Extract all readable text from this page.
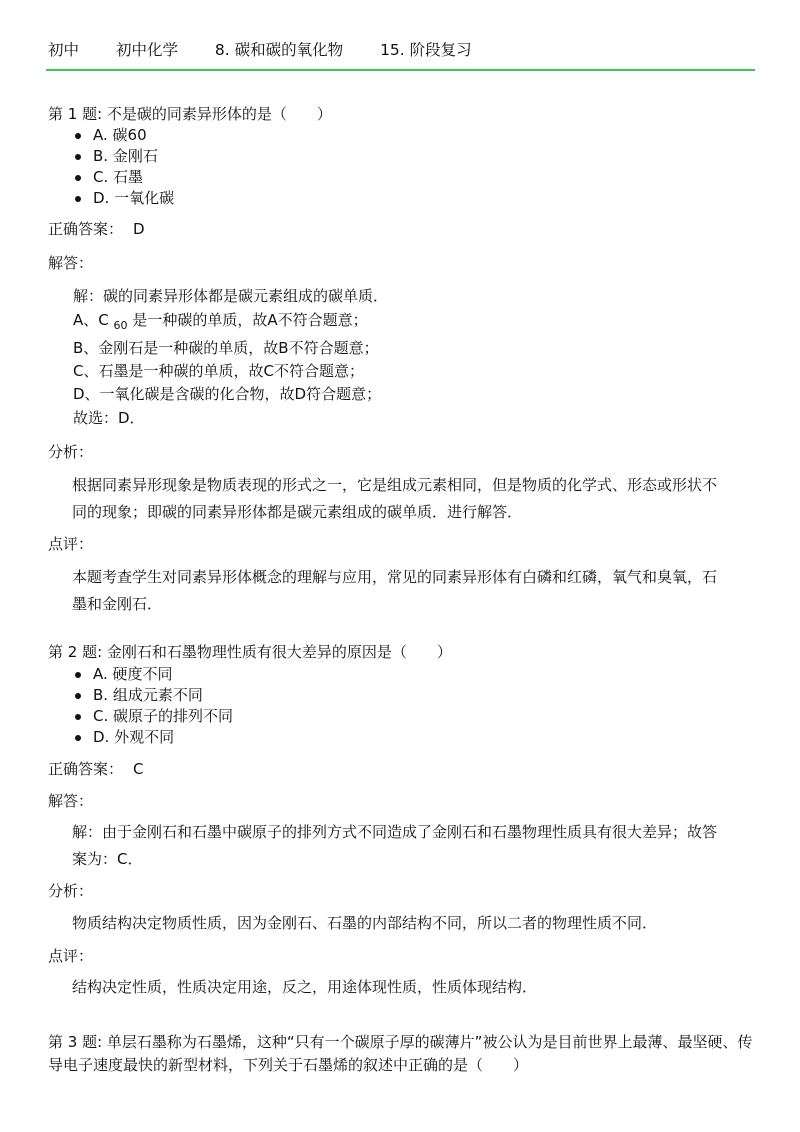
初中 初中化学 8. 碳和碳的氧化物 15. 阶段复习
第 1 题: 不是碳的同素异形体的是（　　）
A. 碳60
B. 金刚石
C. 石墨
D. 一氧化碳
正确答案： D
解答：
解：碳的同素异形体都是碳元素组成的碳单质．
A、C $_{60}$ 是一种碳的单质，故A不符合题意；
B、金刚石是一种碳的单质，故B不符合题意；
C、石墨是一种碳的单质，故C不符合题意；
D、一氧化碳是含碳的化合物，故D符合题意；
故选：D．
分析：
根据同素异形现象是物质表现的形式之一，它是组成元素相同，但是物质的化学式、形态或形状不同的现象；即碳的同素异形体都是碳元素组成的碳单质．进行解答．
点评：
本题考查学生对同素异形体概念的理解与应用，常见的同素异形体有白磷和红磷，氧气和臭氧，石墨和金刚石．
第 2 题: 金刚石和石墨物理性质有很大差异的原因是（　　）
A. 硬度不同
B. 组成元素不同
C. 碳原子的排列不同
D. 外观不同
正确答案： C
解答：
解：由于金刚石和石墨中碳原子的排列方式不同造成了金刚石和石墨物理性质具有很大差异；故答案为：C．
分析：
物质结构决定物质性质，因为金刚石、石墨的内部结构不同，所以二者的物理性质不同．
点评：
结构决定性质，性质决定用途，反之，用途体现性质，性质体现结构．
第 3 题: 单层石墨称为石墨烯，这种“只有一个碳原子厚的碳薄片”被公认为是目前世界上最薄、最坚硬、传导电子速度最快的新型材料，下列关于石墨烯的叙述中正确的是（　　）
